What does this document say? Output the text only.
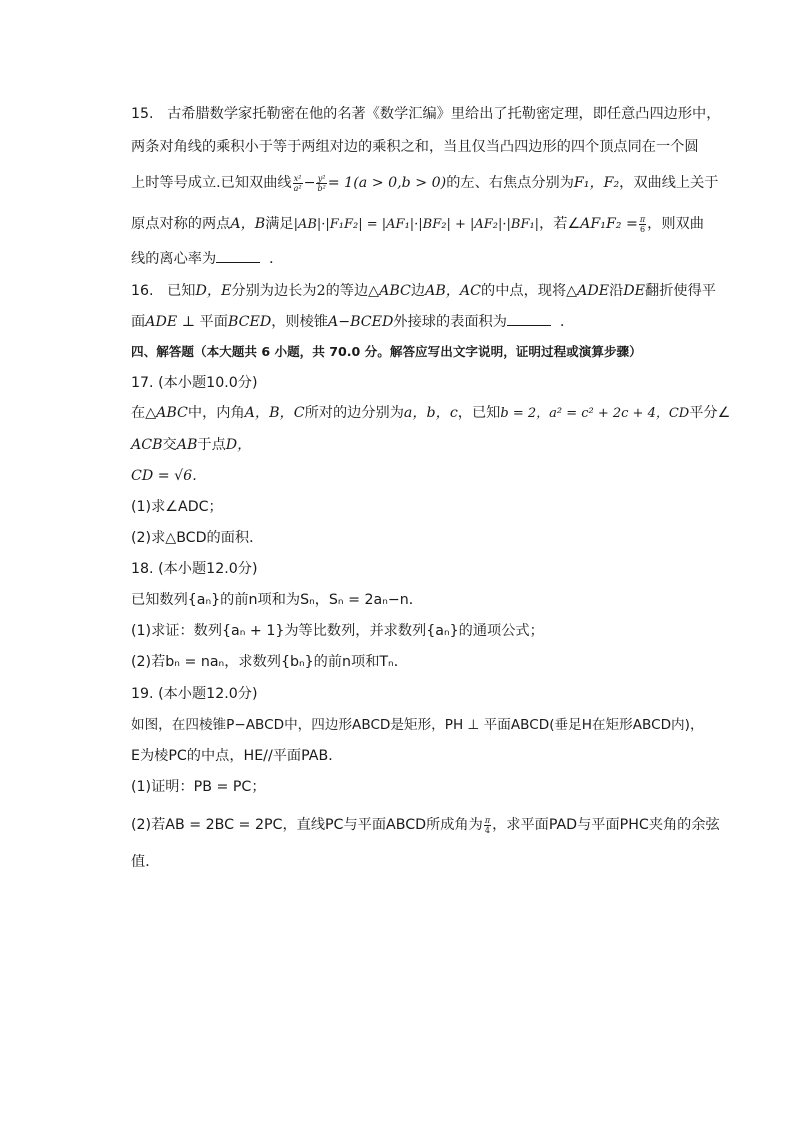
15. 古希腊数学家托勒密在他的名著《数学汇编》里给出了托勒密定理，即任意凸四边形中，
两条对角线的乘积小于等于两组对边的乘积之和，当且仅当凸四边形的四个顶点同在一个圆
上时等号成立.已知双曲线 $\frac{\text{x²}}{\text{a²}} - \frac{\text{y²}}{\text{b²}} = 1(a > 0,b > 0)$的左、右焦点分别为F₁，F₂，双曲线上关于
原点对称的两点A，B满足|AB|·|F₁F₂| = |AF₁|·|BF₂| + |AF₂|·|BF₁|，若∠AF₁F₂ = $\frac{\pi}{6}$ ，则双曲
线的离心率为	．
16. 已知D，E分别为边长为2的等边△ABC边AB，AC的中点，现将△ADE沿DE翻折使得平
面ADE ⊥ 平面BCED，则棱锥A−BCED外接球的表面积为	．
四、解答题（本大题共 6 小题，共 70.0 分。解答应写出文字说明，证明过程或演算步骤）
17. (本小题10.0分)
在△ABC中，内角A，B，C所对的边分别为a，b，c，已知b = 2，a² = c² + 2c + 4，CD平分∠
ACB交AB于点D，
CD = √6.
(1)求∠ADC；
(2)求△BCD的面积．
18. (本小题12.0分)
已知数列{aₙ}的前n项和为Sₙ，Sₙ = 2aₙ−n．
(1)求证：数列{aₙ + 1}为等比数列，并求数列{aₙ}的通项公式；
(2)若bₙ = naₙ，求数列{bₙ}的前n项和Tₙ．
19. (本小题12.0分)
如图，在四棱锥P−ABCD中，四边形ABCD是矩形，PH ⊥ 平面ABCD(垂足H在矩形ABCD内)，
E为棱PC的中点，HE//平面PAB．
(1)证明：PB = PC；
(2)若AB = 2BC = 2PC，直线PC与平面ABCD所成角为 $\frac{\pi}{4}$ ，求平面PAD与平面PHC夹角的余弦
值．
